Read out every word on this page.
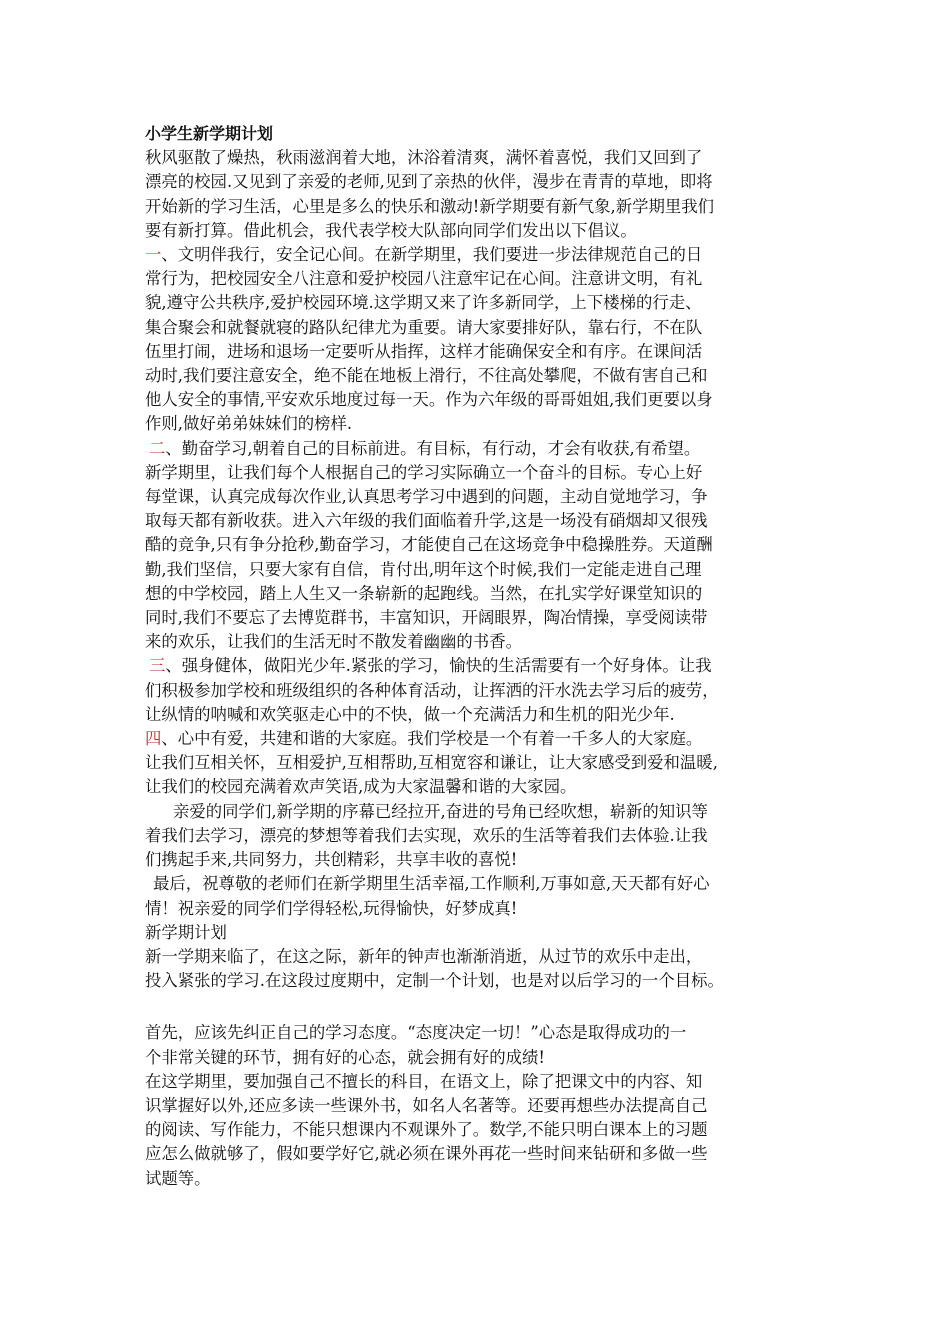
小学生新学期计划
秋风驱散了燥热，秋雨滋润着大地，沐浴着清爽，满怀着喜悦，我们又回到了
漂亮的校园.又见到了亲爱的老师,见到了亲热的伙伴，漫步在青青的草地，即将
开始新的学习生活，心里是多么的快乐和激动!新学期要有新气象,新学期里我们
要有新打算。借此机会，我代表学校大队部向同学们发出以下倡议。
一、文明伴我行，安全记心间。在新学期里，我们要进一步法律规范自己的日
常行为，把校园安全八注意和爱护校园八注意牢记在心间。注意讲文明，有礼
貌,遵守公共秩序,爱护校园环境.这学期又来了许多新同学，上下楼梯的行走、
集合聚会和就餐就寝的路队纪律尤为重要。请大家要排好队，靠右行，不在队
伍里打闹，进场和退场一定要听从指挥，这样才能确保安全和有序。在课间活
动时,我们要注意安全，绝不能在地板上滑行，不往高处攀爬，不做有害自己和
他人安全的事情,平安欢乐地度过每一天。作为六年级的哥哥姐姐,我们更要以身
作则,做好弟弟妹妹们的榜样.
二、勤奋学习,朝着自己的目标前进。有目标，有行动，才会有收获,有希望。
新学期里，让我们每个人根据自己的学习实际确立一个奋斗的目标。专心上好
每堂课，认真完成每次作业,认真思考学习中遇到的问题，主动自觉地学习，争
取每天都有新收获。进入六年级的我们面临着升学,这是一场没有硝烟却又很残
酷的竞争,只有争分抢秒,勤奋学习，才能使自己在这场竞争中稳操胜券。天道酬
勤,我们坚信，只要大家有自信，肯付出,明年这个时候,我们一定能走进自己理
想的中学校园，踏上人生又一条崭新的起跑线。当然，在扎实学好课堂知识的
同时,我们不要忘了去博览群书，丰富知识，开阔眼界，陶冶情操，享受阅读带
来的欢乐，让我们的生活无时不散发着幽幽的书香。
三、强身健体，做阳光少年.紧张的学习，愉快的生活需要有一个好身体。让我
们积极参加学校和班级组织的各种体育活动，让挥洒的汗水洗去学习后的疲劳，
让纵情的呐喊和欢笑驱走心中的不快，做一个充满活力和生机的阳光少年.
四、心中有爱，共建和谐的大家庭。我们学校是一个有着一千多人的大家庭。
让我们互相关怀，互相爱护,互相帮助,互相宽容和谦让，让大家感受到爱和温暖,
让我们的校园充满着欢声笑语,成为大家温馨和谐的大家园。
亲爱的同学们,新学期的序幕已经拉开,奋进的号角已经吹想，崭新的知识等
着我们去学习，漂亮的梦想等着我们去实现，欢乐的生活等着我们去体验.让我
们携起手来,共同努力，共创精彩，共享丰收的喜悦!
最后，祝尊敬的老师们在新学期里生活幸福,工作顺利,万事如意,天天都有好心
情！祝亲爱的同学们学得轻松,玩得愉快，好梦成真!
新学期计划
新一学期来临了，在这之际，新年的钟声也渐渐消逝，从过节的欢乐中走出，
投入紧张的学习.在这段过度期中，定制一个计划，也是对以后学习的一个目标。
首先，应该先纠正自己的学习态度。“态度决定一切！”心态是取得成功的一
个非常关键的环节，拥有好的心态，就会拥有好的成绩!
在这学期里，要加强自己不擅长的科目，在语文上，除了把课文中的内容、知
识掌握好以外,还应多读一些课外书，如名人名著等。还要再想些办法提高自己
的阅读、写作能力，不能只想课内不观课外了。数学,不能只明白课本上的习题
应怎么做就够了，假如要学好它,就必须在课外再花一些时间来钻研和多做一些
试题等。
